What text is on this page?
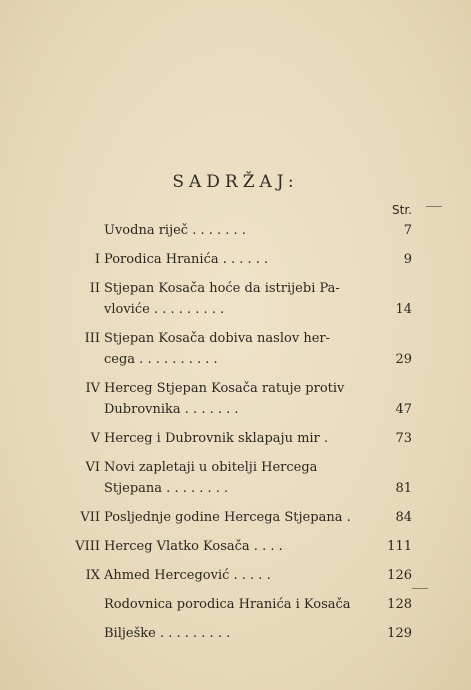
SADRŽAJ:
Str.
Uvodna riječ . . . . . . .	7
I Porodica Hranića . . . . . .	9
II Stjepan Kosača hoće da istrijebi Pa-
vloviće . . . . . . . . .	14
III Stjepan Kosača dobiva naslov her-
cega . . . . . . . . . .	29
IV Herceg Stjepan Kosača ratuje protiv
Dubrovnika . . . . . . .	47
V Herceg i Dubrovnik sklapaju mir .	73
VI Novi zapletaji u obitelji Hercega
Stjepana . . . . . . . .	81
VII Posljednje godine Hercega Stjepana .	84
VIII Herceg Vlatko Kosača . . . .	111
IX Ahmed Hercegović . . . . .	126
Rodovnica porodica Hranića i Kosača	128
Bilješke . . . . . . . . .	129
